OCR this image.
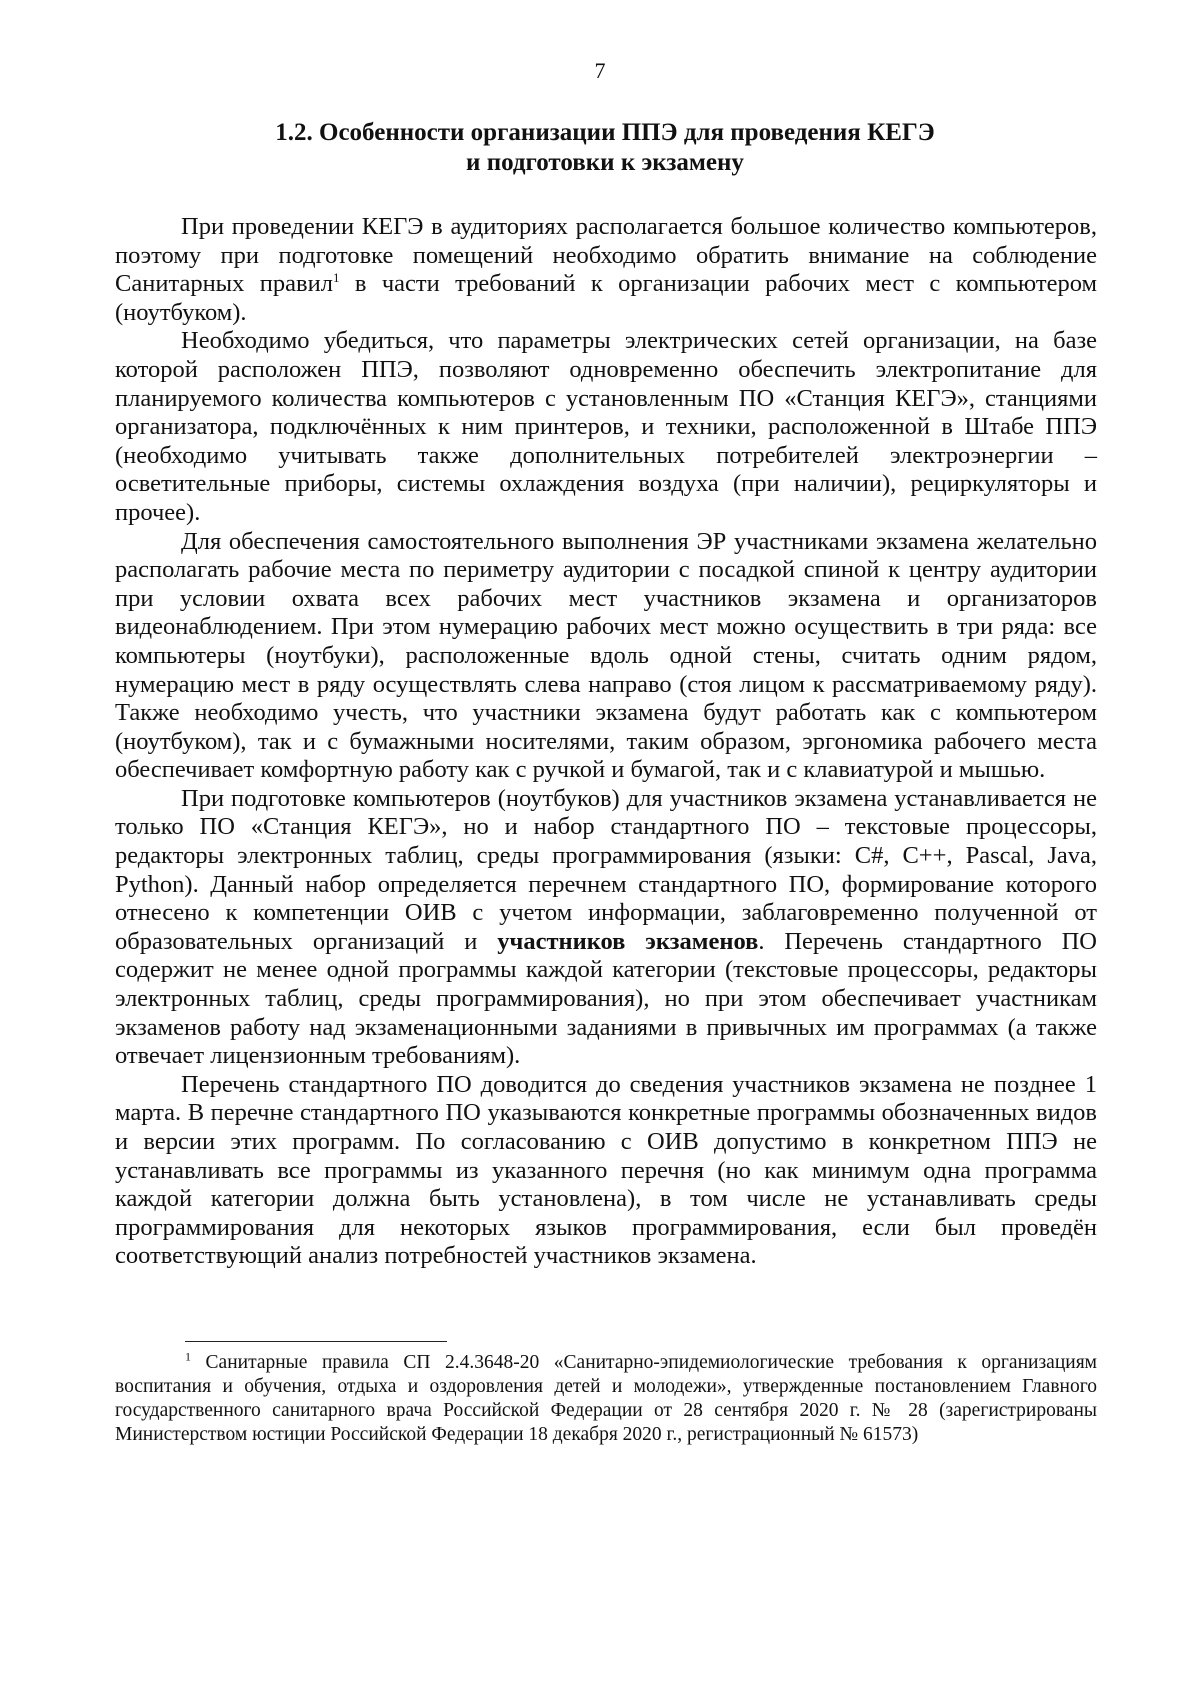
7
1.2. Особенности организации ППЭ для проведения КЕГЭ
и подготовки к экзамену

При проведении КЕГЭ в аудиториях располагается большое количество компьютеров, поэтому при подготовке помещений необходимо обратить внимание на соблюдение Санитарных правил$^1$ в части требований к организации рабочих мест с компьютером (ноутбуком).

Необходимо убедиться, что параметры электрических сетей организации, на базе которой расположен ППЭ, позволяют одновременно обеспечить электропитание для планируемого количества компьютеров с установленным ПО «Станция КЕГЭ», станциями организатора, подключённых к ним принтеров, и техники, расположенной в Штабе ППЭ (необходимо учитывать также дополнительных потребителей электроэнергии – осветительные приборы, системы охлаждения воздуха (при наличии), рециркуляторы и прочее).

Для обеспечения самостоятельного выполнения ЭР участниками экзамена желательно располагать рабочие места по периметру аудитории с посадкой спиной к центру аудитории при условии охвата всех рабочих мест участников экзамена и организаторов видеонаблюдением. При этом нумерацию рабочих мест можно осуществить в три ряда: все компьютеры (ноутбуки), расположенные вдоль одной стены, считать одним рядом, нумерацию мест в ряду осуществлять слева направо (стоя лицом к рассматриваемому ряду). Также необходимо учесть, что участники экзамена будут работать как с компьютером (ноутбуком), так и с бумажными носителями, таким образом, эргономика рабочего места обеспечивает комфортную работу как с ручкой и бумагой, так и с клавиатурой и мышью.

При подготовке компьютеров (ноутбуков) для участников экзамена устанавливается не только ПО «Станция КЕГЭ», но и набор стандартного ПО – текстовые процессоры, редакторы электронных таблиц, среды программирования (языки: C#, C++, Pascal, Java, Python). Данный набор определяется перечнем стандартного ПО, формирование которого отнесено к компетенции ОИВ с учетом информации, заблаговременно полученной от образовательных организаций и участников экзаменов. Перечень стандартного ПО содержит не менее одной программы каждой категории (текстовые процессоры, редакторы электронных таблиц, среды программирования), но при этом обеспечивает участникам экзаменов работу над экзаменационными заданиями в привычных им программах (а также отвечает лицензионным требованиям).

Перечень стандартного ПО доводится до сведения участников экзамена не позднее 1 марта. В перечне стандартного ПО указываются конкретные программы обозначенных видов и версии этих программ. По согласованию с ОИВ допустимо в конкретном ППЭ не устанавливать все программы из указанного перечня (но как минимум одна программа каждой категории должна быть установлена), в том числе не устанавливать среды программирования для некоторых языков программирования, если был проведён соответствующий анализ потребностей участников экзамена.

$^1$ Санитарные правила СП 2.4.3648-20 «Санитарно-эпидемиологические требования к организациям воспитания и обучения, отдыха и оздоровления детей и молодежи», утвержденные постановлением Главного государственного санитарного врача Российской Федерации от 28 сентября 2020 г. № 28 (зарегистрированы Министерством юстиции Российской Федерации 18 декабря 2020 г., регистрационный № 61573)
